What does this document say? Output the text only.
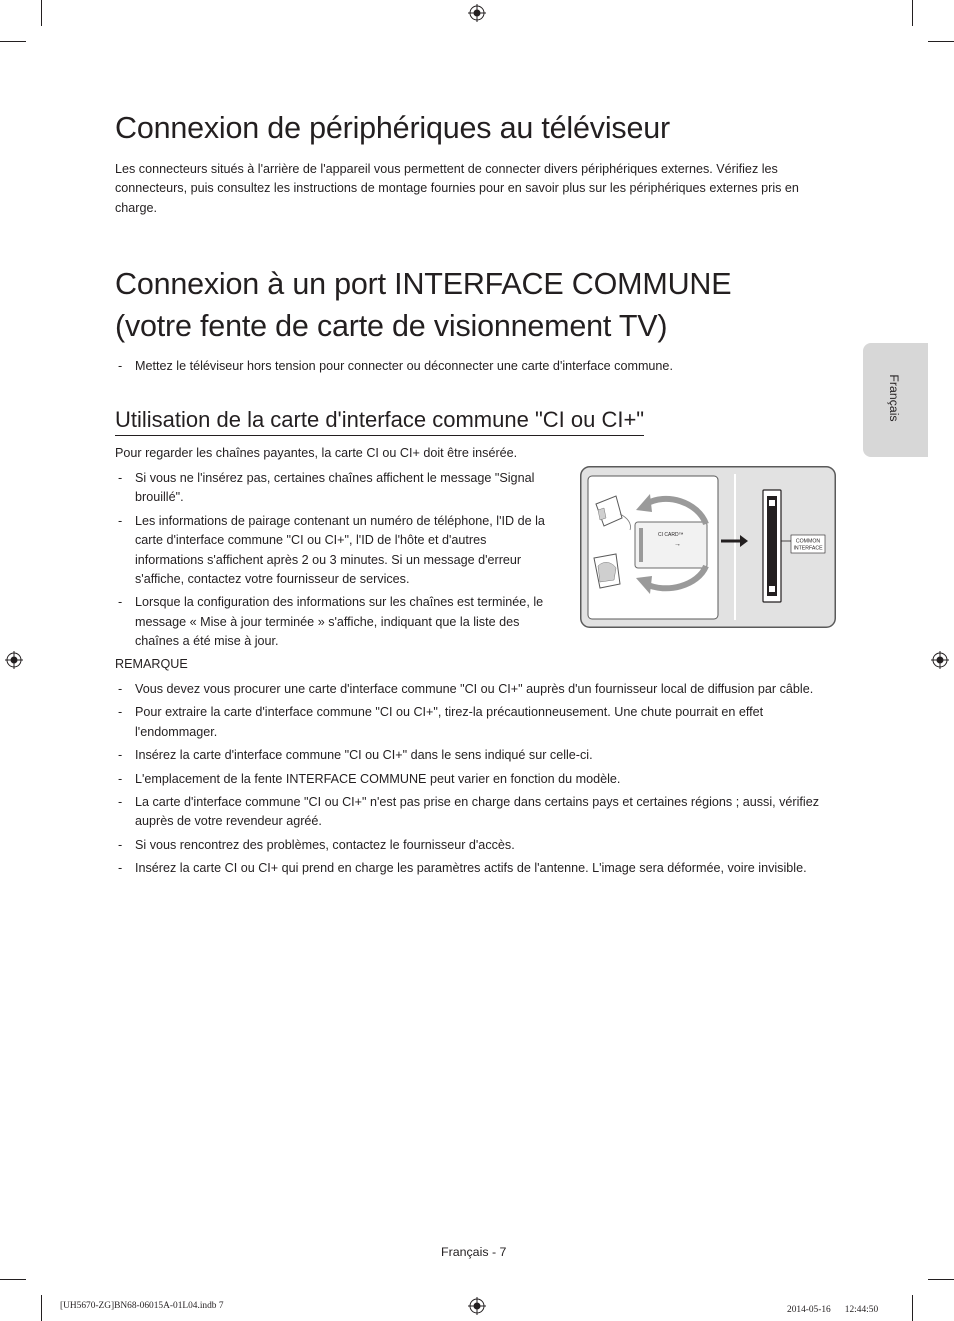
Français
Connexion de périphériques au téléviseur

Les connecteurs situés à l'arrière de l'appareil vous permettent de connecter divers périphériques externes. Vérifiez les connecteurs, puis consultez les instructions de montage fournies pour en savoir plus sur les périphériques externes pris en charge.

Connexion à un port INTERFACE COMMUNE
(votre fente de carte de visionnement TV)
- Mettez le téléviseur hors tension pour connecter ou déconnecter une carte d'interface commune.
Utilisation de la carte d'interface commune "CI ou CI+"

Pour regarder les chaînes payantes, la carte CI ou CI+ doit être insérée.

- Si vous ne l'insérez pas, certaines chaînes affichent le message "Signal brouillé".
- Les informations de pairage contenant un numéro de téléphone, l'ID de la carte d'interface commune "CI ou CI+", l'ID de l'hôte et d'autres informations s'affichent après 2 ou 3 minutes. Si un message d'erreur s'affiche, contactez votre fournisseur de services.
- Lorsque la configuration des informations sur les chaînes est terminée, le message « Mise à jour terminée » s'affiche, indiquant que la liste des chaînes a été mise à jour.
CI CARD™
→	COMMON
INTERFACE
REMARQUE
- Vous devez vous procurer une carte d'interface commune "CI ou CI+" auprès d'un fournisseur local de diffusion par câble.
- Pour extraire la carte d'interface commune "CI ou CI+", tirez-la précautionneusement. Une chute pourrait en effet l'endommager.
- Insérez la carte d'interface commune "CI ou CI+" dans le sens indiqué sur celle-ci.
- L'emplacement de la fente INTERFACE COMMUNE peut varier en fonction du modèle.
- La carte d'interface commune "CI ou CI+" n'est pas prise en charge dans certains pays et certaines régions ; aussi, vérifiez auprès de votre revendeur agréé.
- Si vous rencontrez des problèmes, contactez le fournisseur d'accès.
- Insérez la carte CI ou CI+ qui prend en charge les paramètres actifs de l'antenne. L'image sera déformée, voire invisible.
Français - 7
[UH5670-ZG]BN68-06015A-01L04.indb 7	2014-05-16 　 12:44:50
